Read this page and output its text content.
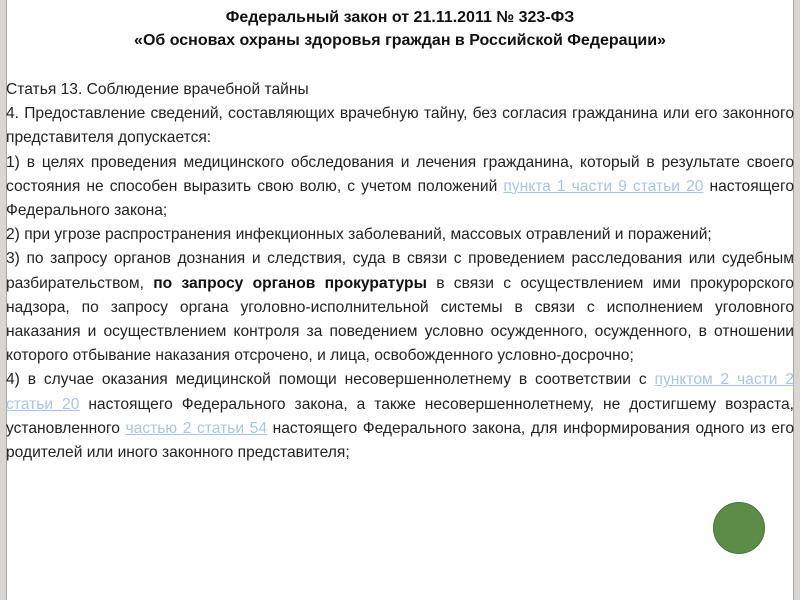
Федеральный закон от 21.11.2011 № 323-ФЗ
«Об основах охраны здоровья граждан в Российской Федерации»

Статья 13. Соблюдение врачебной тайны

4. Предоставление сведений, составляющих врачебную тайну, без согласия гражданина или его законного представителя допускается:

1) в целях проведения медицинского обследования и лечения гражданина, который в результате своего состояния не способен выразить свою волю, с учетом положений пункта 1 части 9 статьи 20 настоящего Федерального закона;

2) при угрозе распространения инфекционных заболеваний, массовых отравлений и поражений;

3) по запросу органов дознания и следствия, суда в связи с проведением расследования или судебным разбирательством, по запросу органов прокуратуры в связи с осуществлением ими прокурорского надзора, по запросу органа уголовно-исполнительной системы в связи с исполнением уголовного наказания и осуществлением контроля за поведением условно осужденного, осужденного, в отношении которого отбывание наказания отсрочено, и лица, освобожденного условно-досрочно;

4) в случае оказания медицинской помощи несовершеннолетнему в соответствии с пунктом 2 части 2 статьи 20 настоящего Федерального закона, а также несовершеннолетнему, не достигшему возраста, установленного частью 2 статьи 54 настоящего Федерального закона, для информирования одного из его родителей или иного законного представителя;
